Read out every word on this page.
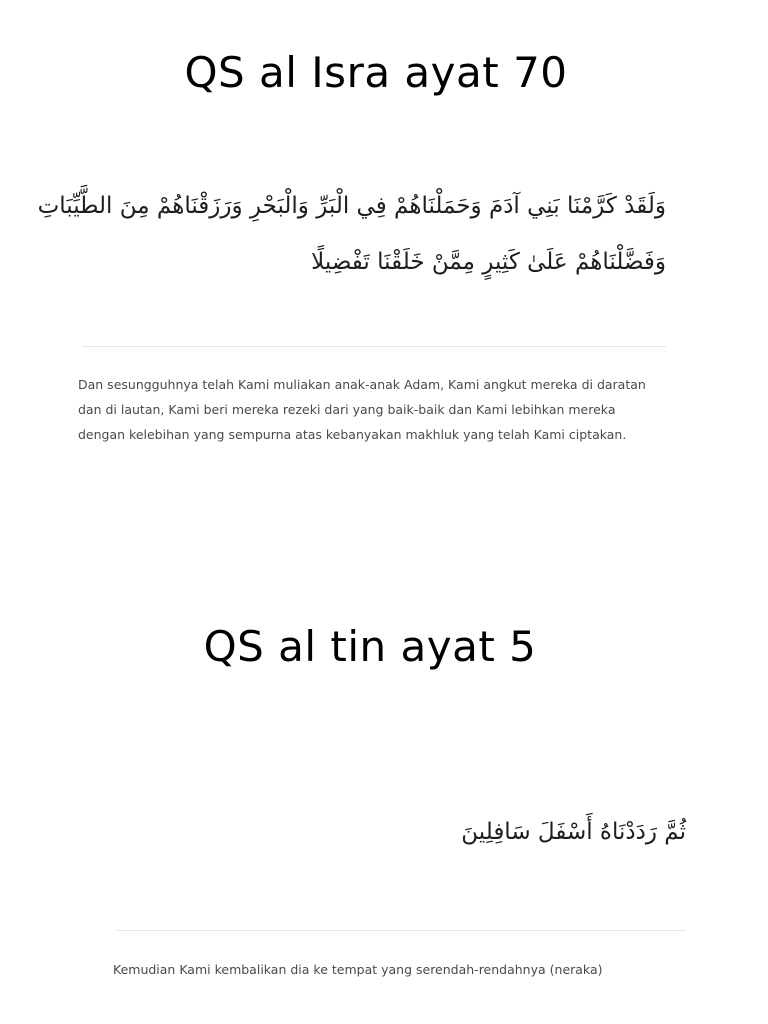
QS al Isra ayat 70
وَلَقَدْ كَرَّمْنَا بَنِي آدَمَ وَحَمَلْنَاهُمْ فِي الْبَرِّ وَالْبَحْرِ وَرَزَقْنَاهُمْ مِنَ الطَّيِّبَاتِ
وَفَضَّلْنَاهُمْ عَلَىٰ كَثِيرٍ مِمَّنْ خَلَقْنَا تَفْضِيلًا
Dan sesungguhnya telah Kami muliakan anak-anak Adam, Kami angkut mereka di daratan
dan di lautan, Kami beri mereka rezeki dari yang baik-baik dan Kami lebihkan mereka
dengan kelebihan yang sempurna atas kebanyakan makhluk yang telah Kami ciptakan.
QS al tin ayat 5
ثُمَّ رَدَدْنَاهُ أَسْفَلَ سَافِلِينَ
Kemudian Kami kembalikan dia ke tempat yang serendah-rendahnya (neraka)
